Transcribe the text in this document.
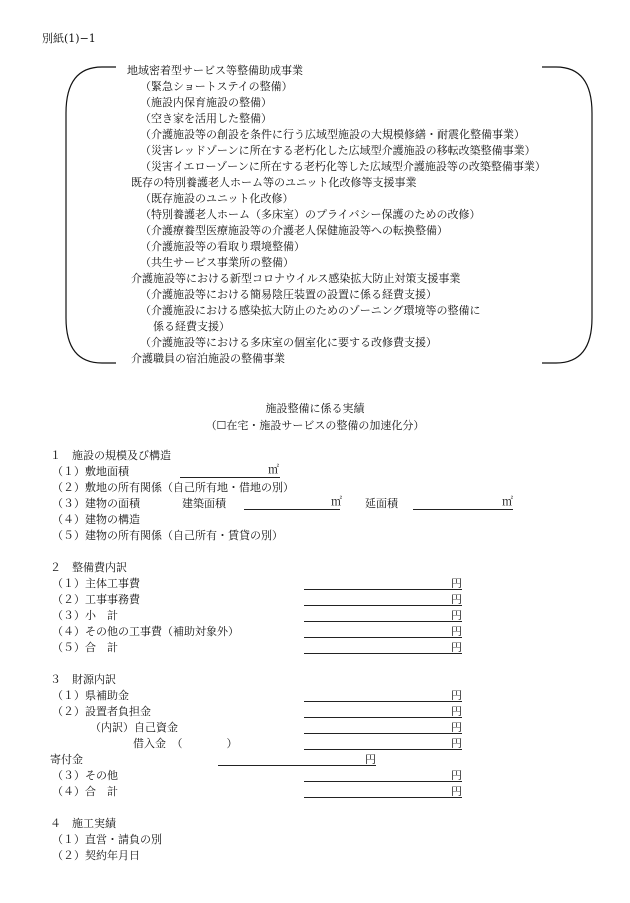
別紙(1)−1
地域密着型サービス等整備助成事業
（緊急ショートステイの整備）
（施設内保育施設の整備）
（空き家を活用した整備）
（介護施設等の創設を条件に行う広域型施設の大規模修繕・耐震化整備事業）
（災害レッドゾーンに所在する老朽化した広域型介護施設の移転改築整備事業）
（災害イエローゾーンに所在する老朽化等した広域型介護施設等の改築整備事業）
既存の特別養護老人ホーム等のユニット化改修等支援事業
（既存施設のユニット化改修）
（特別養護老人ホーム（多床室）のプライバシー保護のための改修）
（介護療養型医療施設等の介護老人保健施設等への転換整備）
（介護施設等の看取り環境整備）
（共生サービス事業所の整備）
介護施設等における新型コロナウイルス感染拡大防止対策支援事業
（介護施設等における簡易陰圧装置の設置に係る経費支援）
（介護施設における感染拡大防止のためのゾーニング環境等の整備に
係る経費支援）
（介護施設等における多床室の個室化に要する改修費支援）
介護職員の宿泊施設の整備事業
施設整備に係る実績
（☐在宅・施設サービスの整備の加速化分）
１　施設の規模及び構造
（１）敷地面積	㎡
（２）敷地の所有関係（自己所有地・借地の別）
（３）建物の面積	建築面積	㎡ 延面積	㎡
（４）建物の構造
（５）建物の所有関係（自己所有・賃貸の別）
２　整備費内訳
（１）主体工事費	円
（２）工事事務費	円
（３）小　計	円
（４）その他の工事費（補助対象外）	円
（５）合　計	円
３　財源内訳
（１）県補助金	円
（２）設置者負担金	円
（内訳）自己資金	円
借入金　（　　　　）	円
寄付金	円
（３）その他	円
（４）合　計	円
４　施工実績
（１）直営・請負の別
（２）契約年月日
